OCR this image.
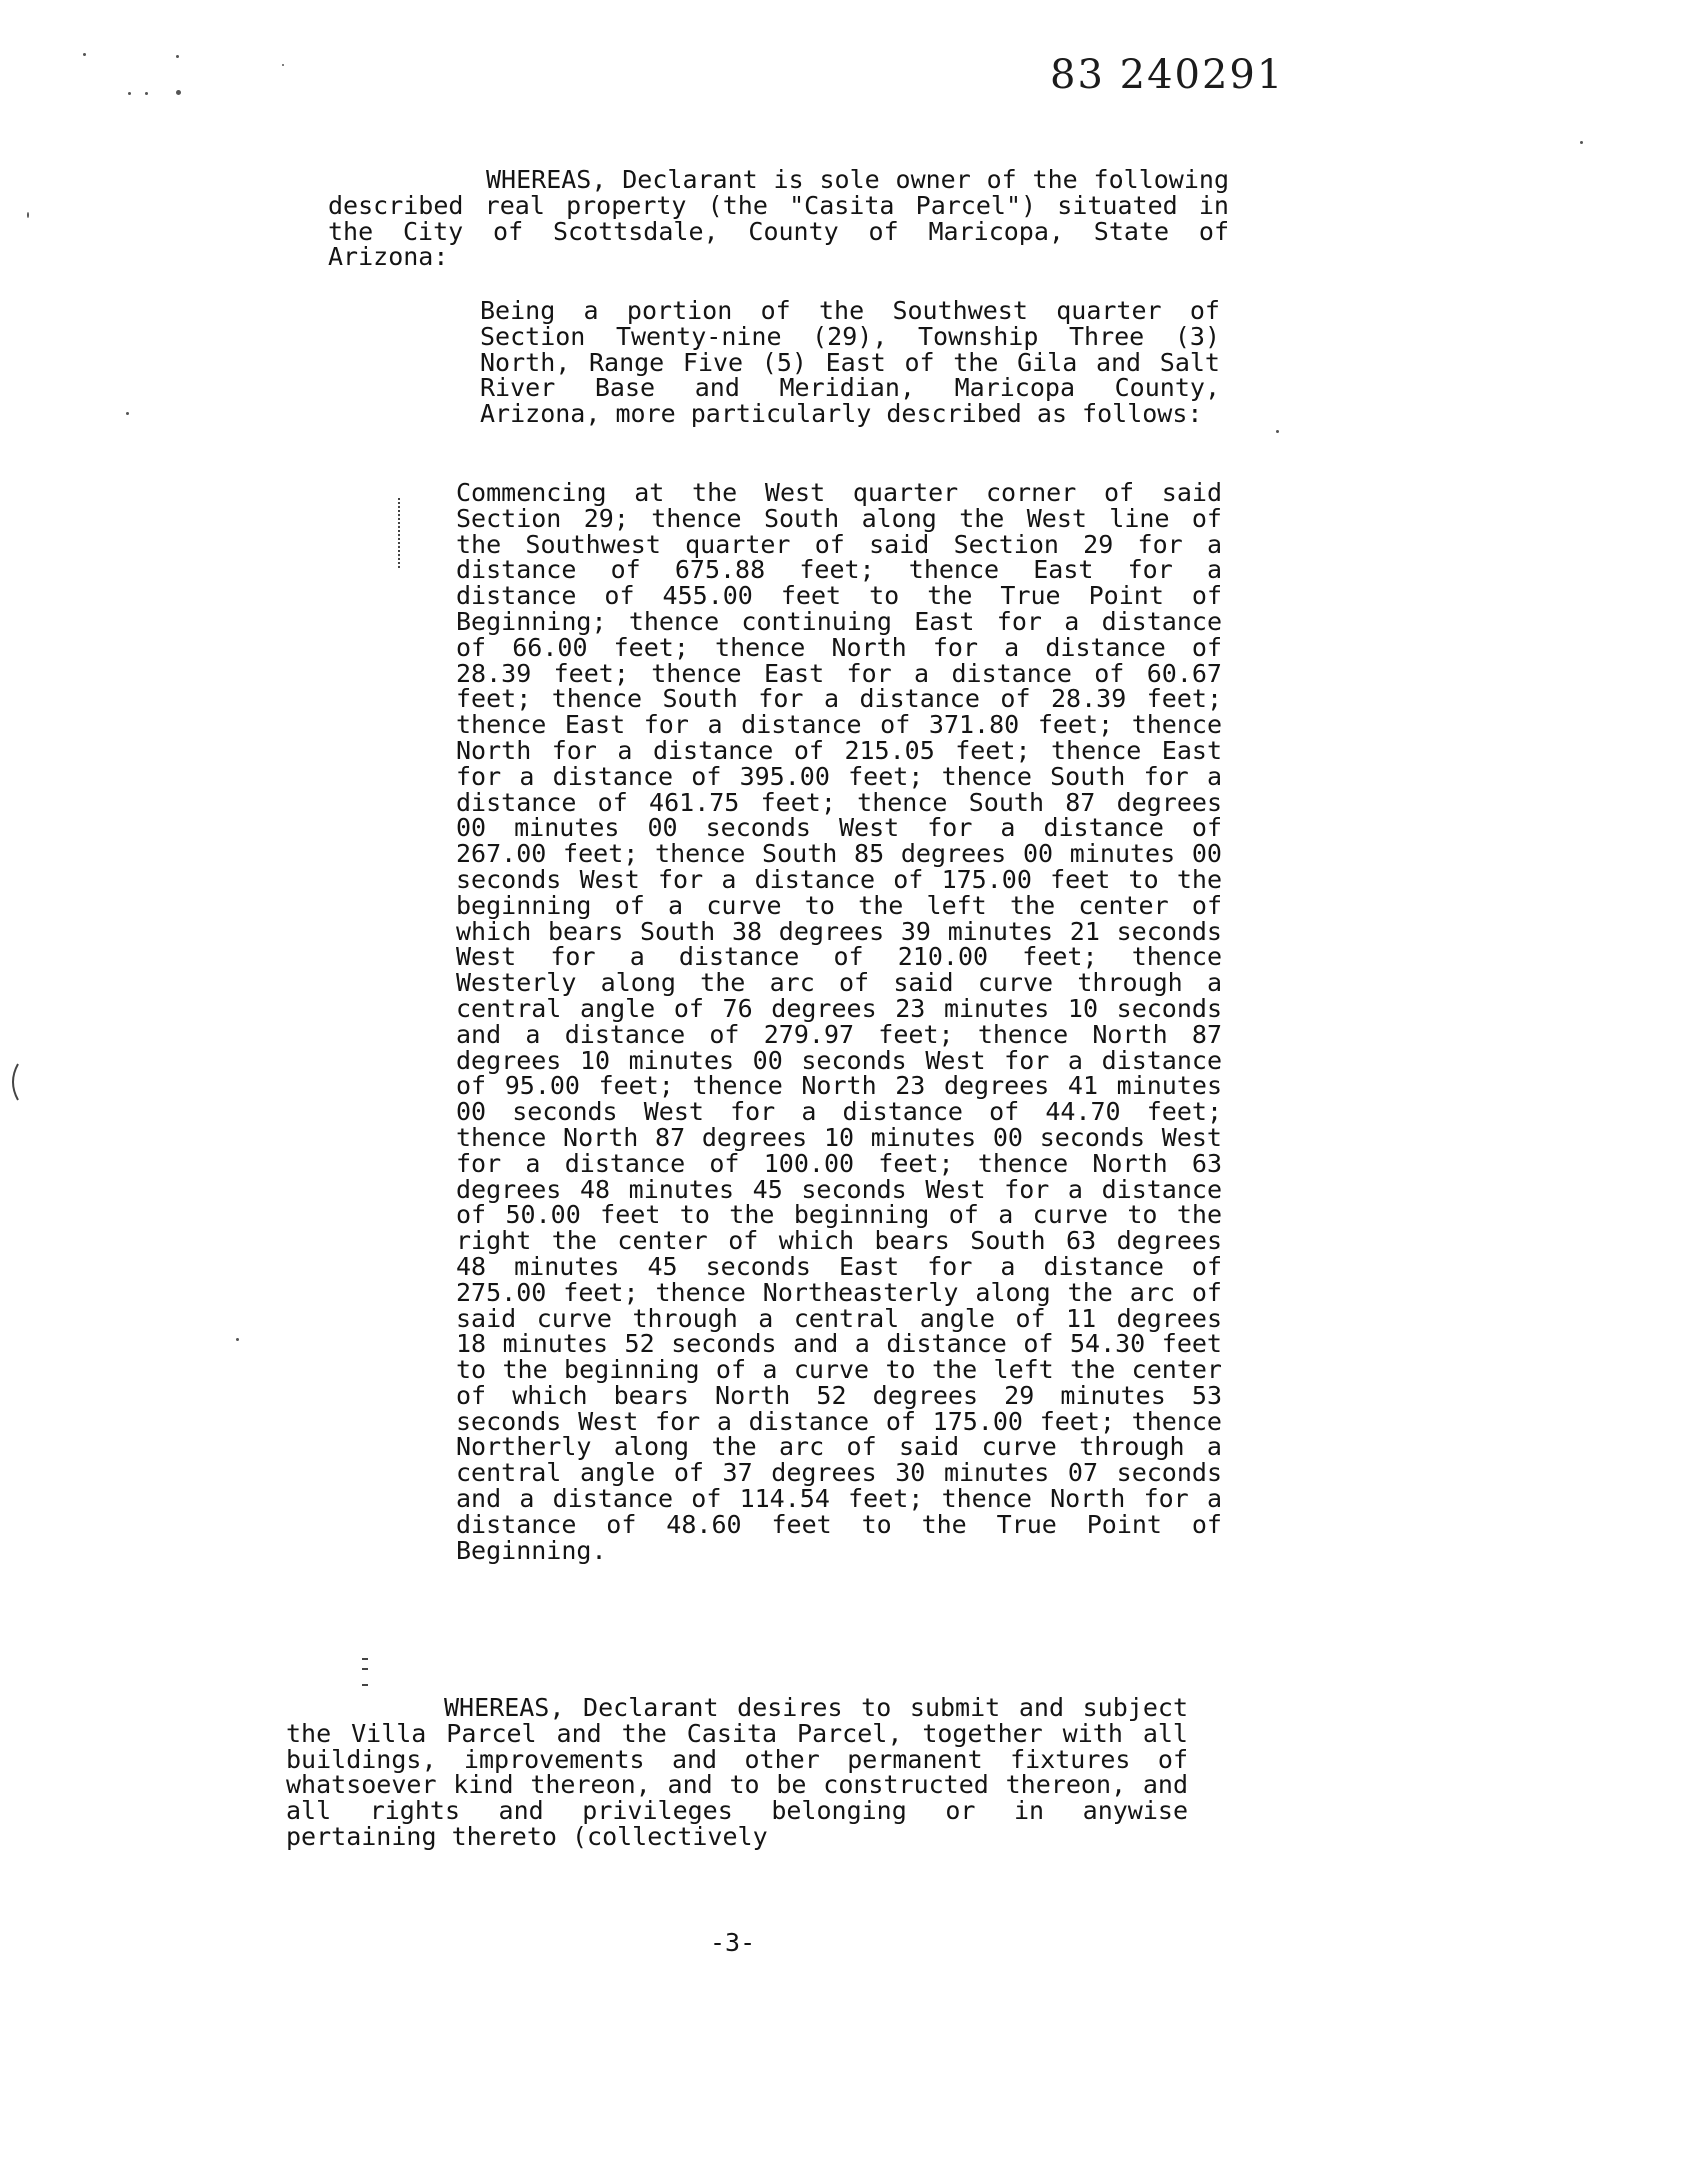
83 240291

WHEREAS, Declarant is sole owner of the following described real property (the "Casita Parcel") situated in the City of Scottsdale, County of Maricopa, State of Arizona:

Being a portion of the Southwest quarter of Section Twenty-nine (29), Township Three (3) North, Range Five (5) East of the Gila and Salt River Base and Meridian, Maricopa County, Arizona, more particularly described as follows:

Commencing at the West quarter corner of said Section 29; thence South along the West line of the Southwest quarter of said Section 29 for a distance of 675.88 feet; thence East for a distance of 455.00 feet to the True Point of Beginning; thence continuing East for a distance of 66.00 feet; thence North for a distance of 28.39 feet; thence East for a distance of 60.67 feet; thence South for a distance of 28.39 feet; thence East for a distance of 371.80 feet; thence North for a distance of 215.05 feet; thence East for a distance of 395.00 feet; thence South for a distance of 461.75 feet; thence South 87 degrees 00 minutes 00 seconds West for a distance of 267.00 feet; thence South 85 degrees 00 minutes 00 seconds West for a distance of 175.00 feet to the beginning of a curve to the left the center of which bears South 38 degrees 39 minutes 21 seconds West for a distance of 210.00 feet; thence Westerly along the arc of said curve through a central angle of 76 degrees 23 minutes 10 seconds and a distance of 279.97 feet; thence North 87 degrees 10 minutes 00 seconds West for a distance of 95.00 feet; thence North 23 degrees 41 minutes 00 seconds West for a distance of 44.70 feet; thence North 87 degrees 10 minutes 00 seconds West for a distance of 100.00 feet; thence North 63 degrees 48 minutes 45 seconds West for a distance of 50.00 feet to the beginning of a curve to the right the center of which bears South 63 degrees 48 minutes 45 seconds East for a distance of 275.00 feet; thence Northeasterly along the arc of said curve through a central angle of 11 degrees 18 minutes 52 seconds and a distance of 54.30 feet to the beginning of a curve to the left the center of which bears North 52 degrees 29 minutes 53 seconds West for a distance of 175.00 feet; thence Northerly along the arc of said curve through a central angle of 37 degrees 30 minutes 07 seconds and a distance of 114.54 feet; thence North for a distance of 48.60 feet to the True Point of Beginning.

WHEREAS, Declarant desires to submit and subject the Villa Parcel and the Casita Parcel, together with all buildings, improvements and other permanent fixtures of whatsoever kind thereon, and to be constructed thereon, and all rights and privileges belonging or in anywise pertaining thereto (collectively

-3-
